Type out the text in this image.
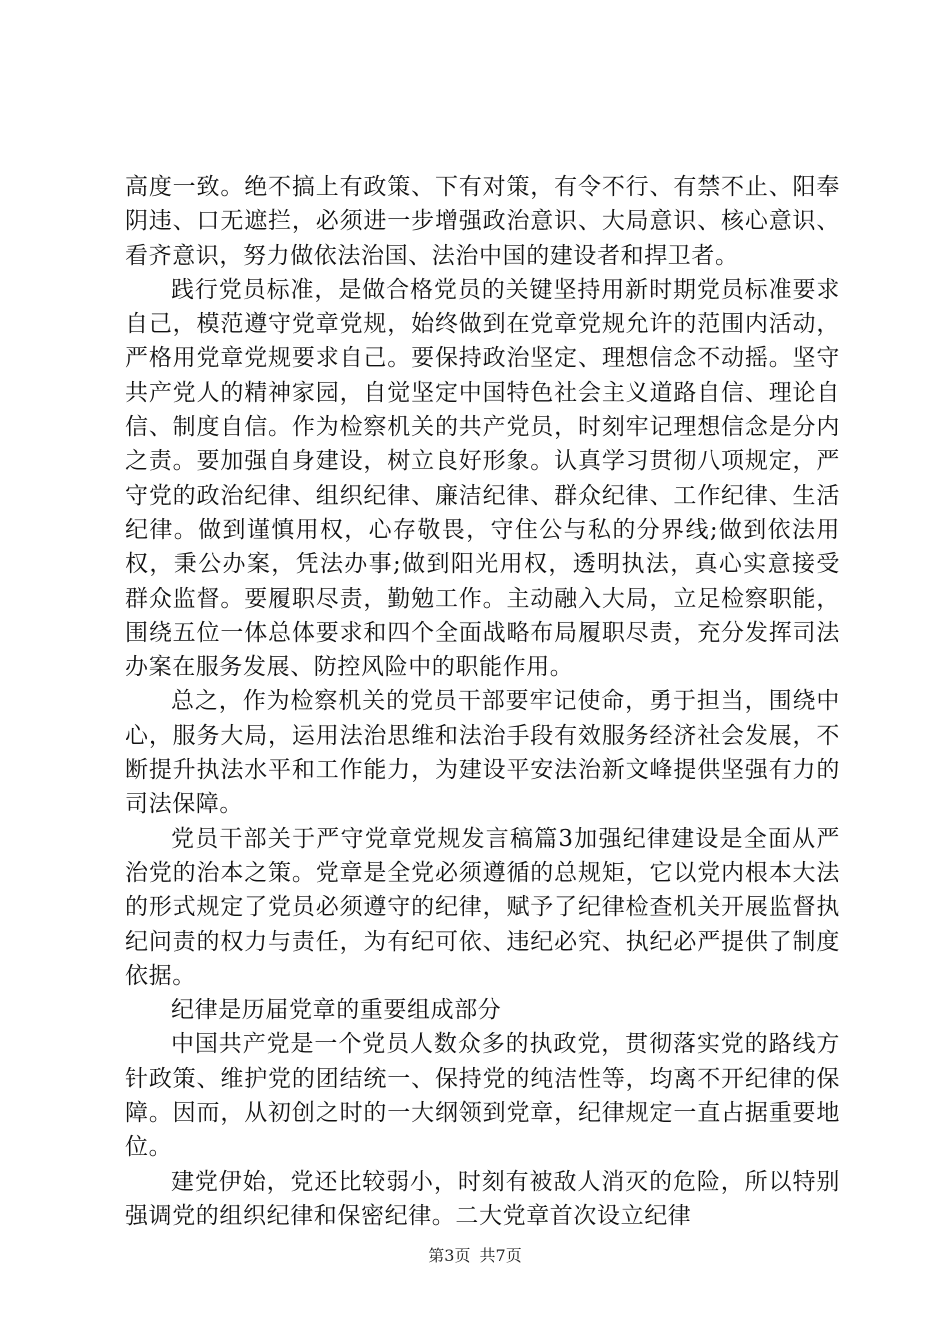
高度一致。绝不搞上有政策、下有对策，有令不行、有禁不止、阳奉阴违、口无遮拦，必须进一步增强政治意识、大局意识、核心意识、看齐意识，努力做依法治国、法治中国的建设者和捍卫者。

践行党员标准，是做合格党员的关键坚持用新时期党员标准要求自己，模范遵守党章党规，始终做到在党章党规允许的范围内活动，严格用党章党规要求自己。要保持政治坚定、理想信念不动摇。坚守共产党人的精神家园，自觉坚定中国特色社会主义道路自信、理论自信、制度自信。作为检察机关的共产党员，时刻牢记理想信念是分内之责。要加强自身建设，树立良好形象。认真学习贯彻八项规定，严守党的政治纪律、组织纪律、廉洁纪律、群众纪律、工作纪律、生活纪律。做到谨慎用权，心存敬畏，守住公与私的分界线;做到依法用权，秉公办案，凭法办事;做到阳光用权，透明执法，真心实意接受群众监督。要履职尽责，勤勉工作。主动融入大局，立足检察职能，围绕五位一体总体要求和四个全面战略布局履职尽责，充分发挥司法办案在服务发展、防控风险中的职能作用。

总之，作为检察机关的党员干部要牢记使命，勇于担当，围绕中心，服务大局，运用法治思维和法治手段有效服务经济社会发展，不断提升执法水平和工作能力，为建设平安法治新文峰提供坚强有力的司法保障。

党员干部关于严守党章党规发言稿篇3加强纪律建设是全面从严治党的治本之策。党章是全党必须遵循的总规矩，它以党内根本大法的形式规定了党员必须遵守的纪律，赋予了纪律检查机关开展监督执纪问责的权力与责任，为有纪可依、违纪必究、执纪必严提供了制度依据。

纪律是历届党章的重要组成部分

中国共产党是一个党员人数众多的执政党，贯彻落实党的路线方针政策、维护党的团结统一、保持党的纯洁性等，均离不开纪律的保障。因而，从初创之时的一大纲领到党章，纪律规定一直占据重要地位。

建党伊始，党还比较弱小，时刻有被敌人消灭的危险，所以特别强调党的组织纪律和保密纪律。二大党章首次设立纪律

第3页 共7页
